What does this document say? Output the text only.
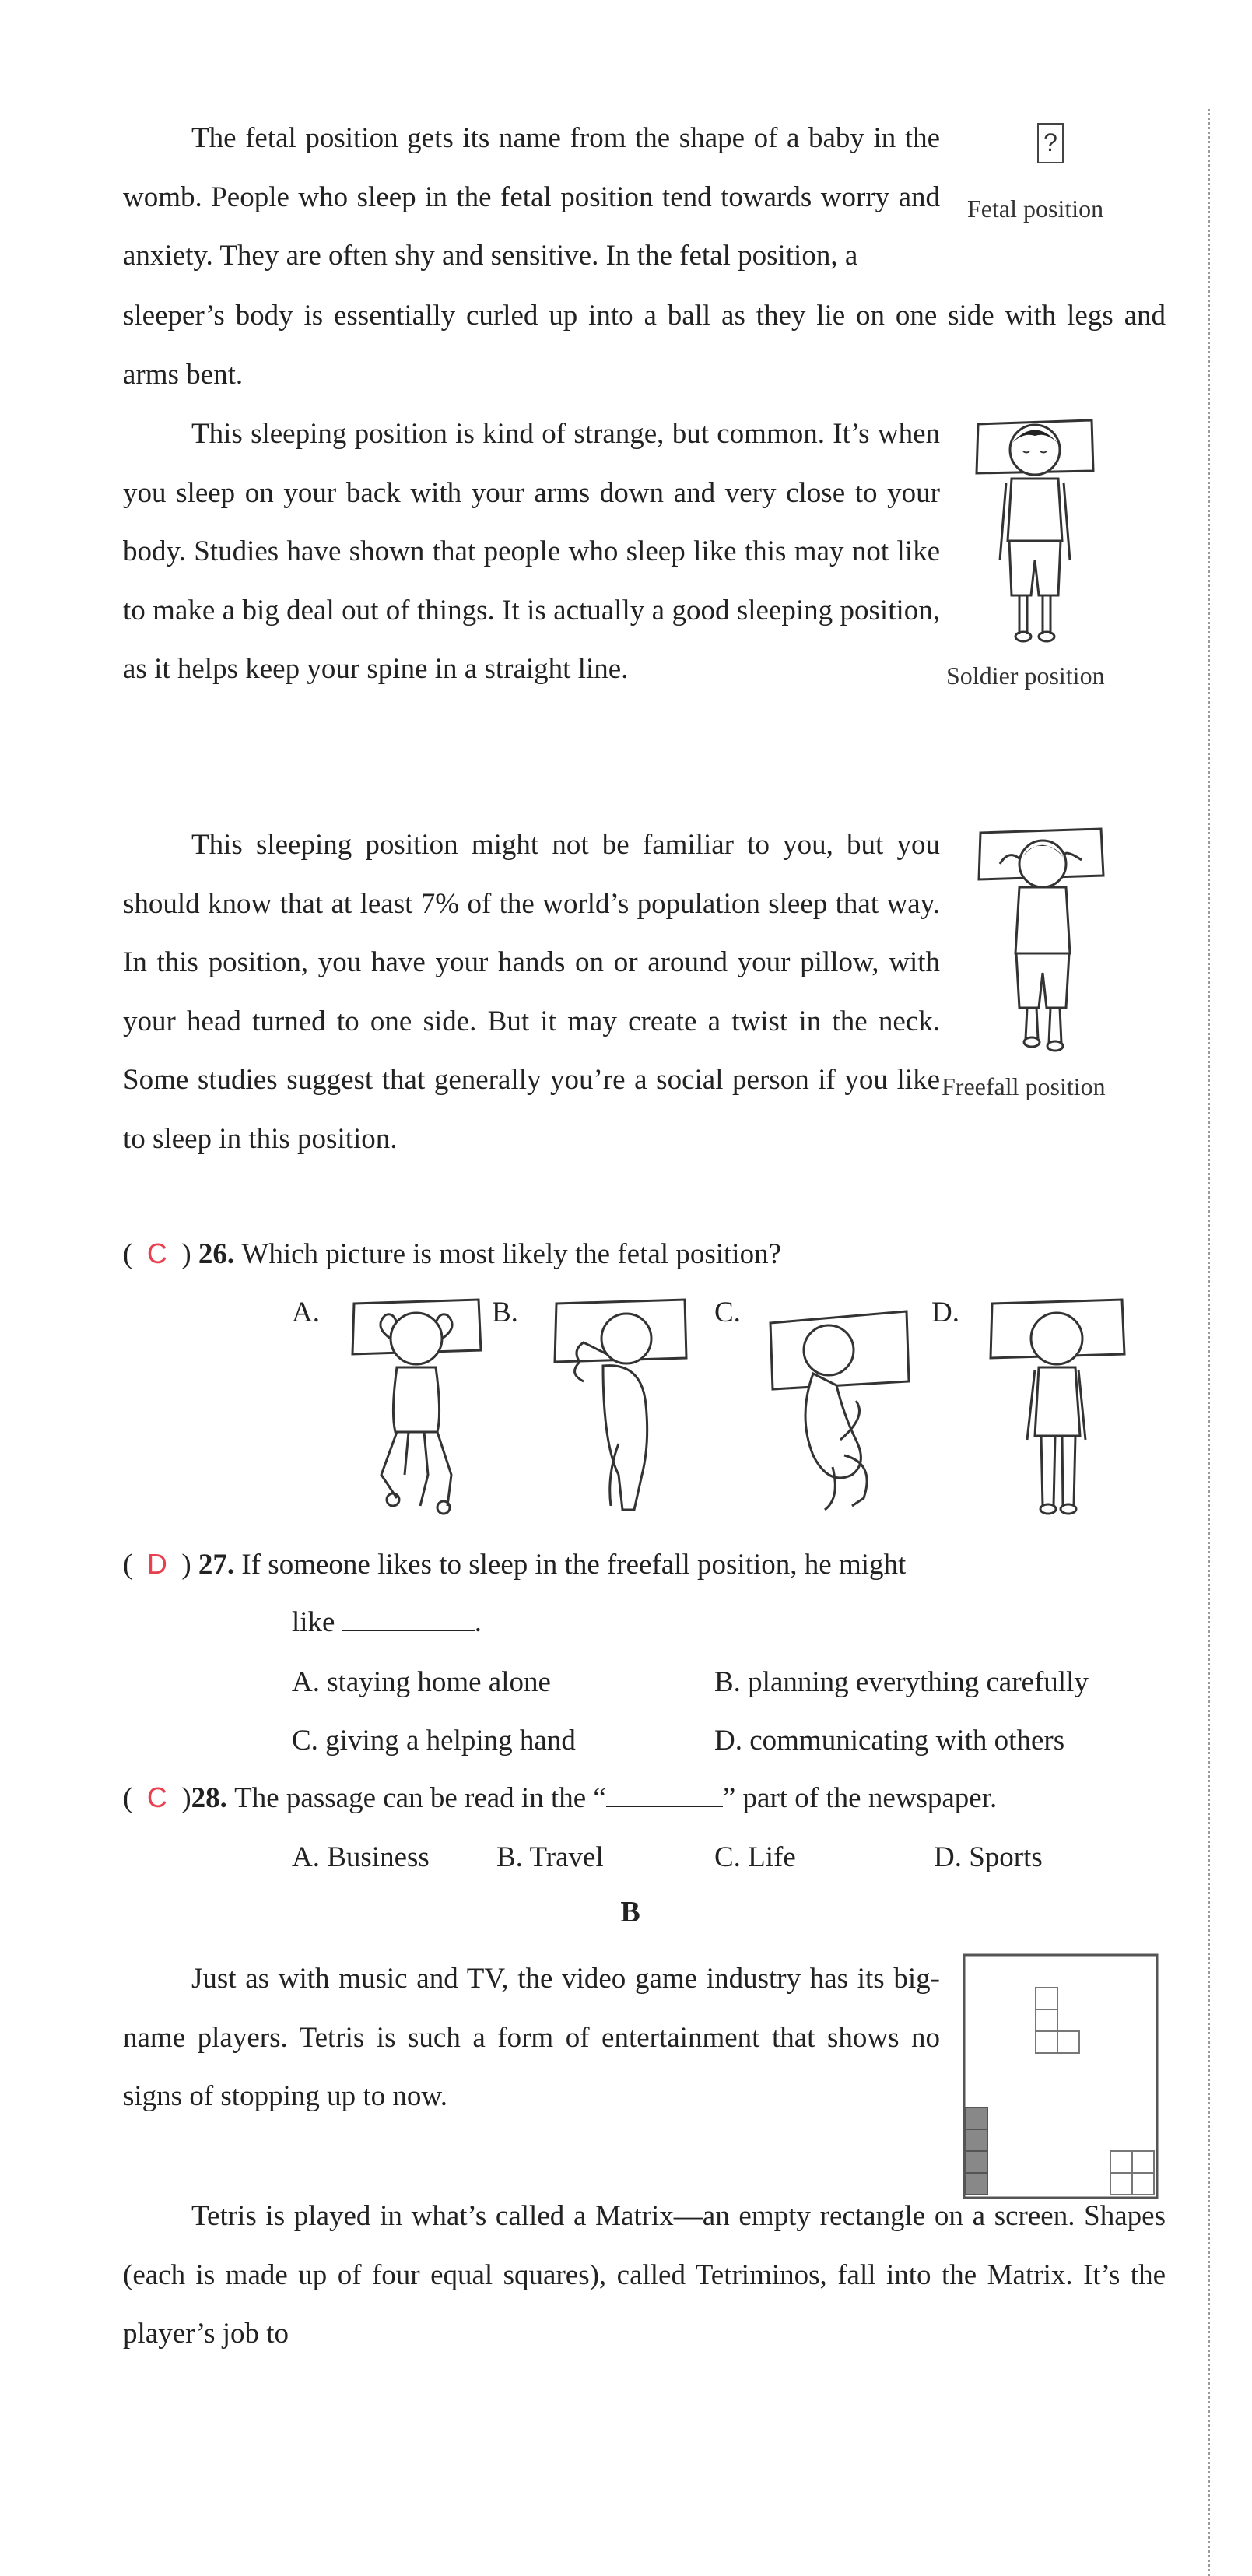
?
Fetal position

The fetal position gets its name from the shape of a baby in the womb. People who sleep in the fetal position tend towards worry and anxiety. They are often shy and sensitive. In the fetal position, a

sleeper’s body is essentially curled up into a ball as they lie on one side with legs and arms bent.

Soldier position

This sleeping position is kind of strange, but common. It’s when you sleep on your back with your arms down and very close to your body. Studies have shown that people who sleep like this may not like to make a big deal out of things. It is actually a good sleeping position, as it helps keep your spine in a straight line.

Freefall position

This sleeping position might not be familiar to you, but you should know that at least 7% of the world’s population sleep that way. In this position, you have your hands on or around your pillow, with your head turned to one side. But it may create a twist in the neck. Some studies suggest that generally you’re a social person if you like to sleep in this position.

( C ) 26. Which picture is most likely the fetal position?
A.	B.	C.	D.
( D ) 27. If someone likes to sleep in the freefall position, he might
like	.
A. staying home alone	B. planning everything carefully
C. giving a helping hand	D. communicating with others
( C )28. The passage can be read in the “	” part of the newspaper.
A. Business B. Travel	C. Life	D. Sports
B

Just as with music and TV, the video game industry has its big-name players. Tetris is such a form of entertainment that shows no signs of stopping up to now.

Tetris is played in what’s called a Matrix—an empty rectangle on a screen. Shapes (each is made up of four equal squares), called Tetriminos, fall into the Matrix. It’s the player’s job to
